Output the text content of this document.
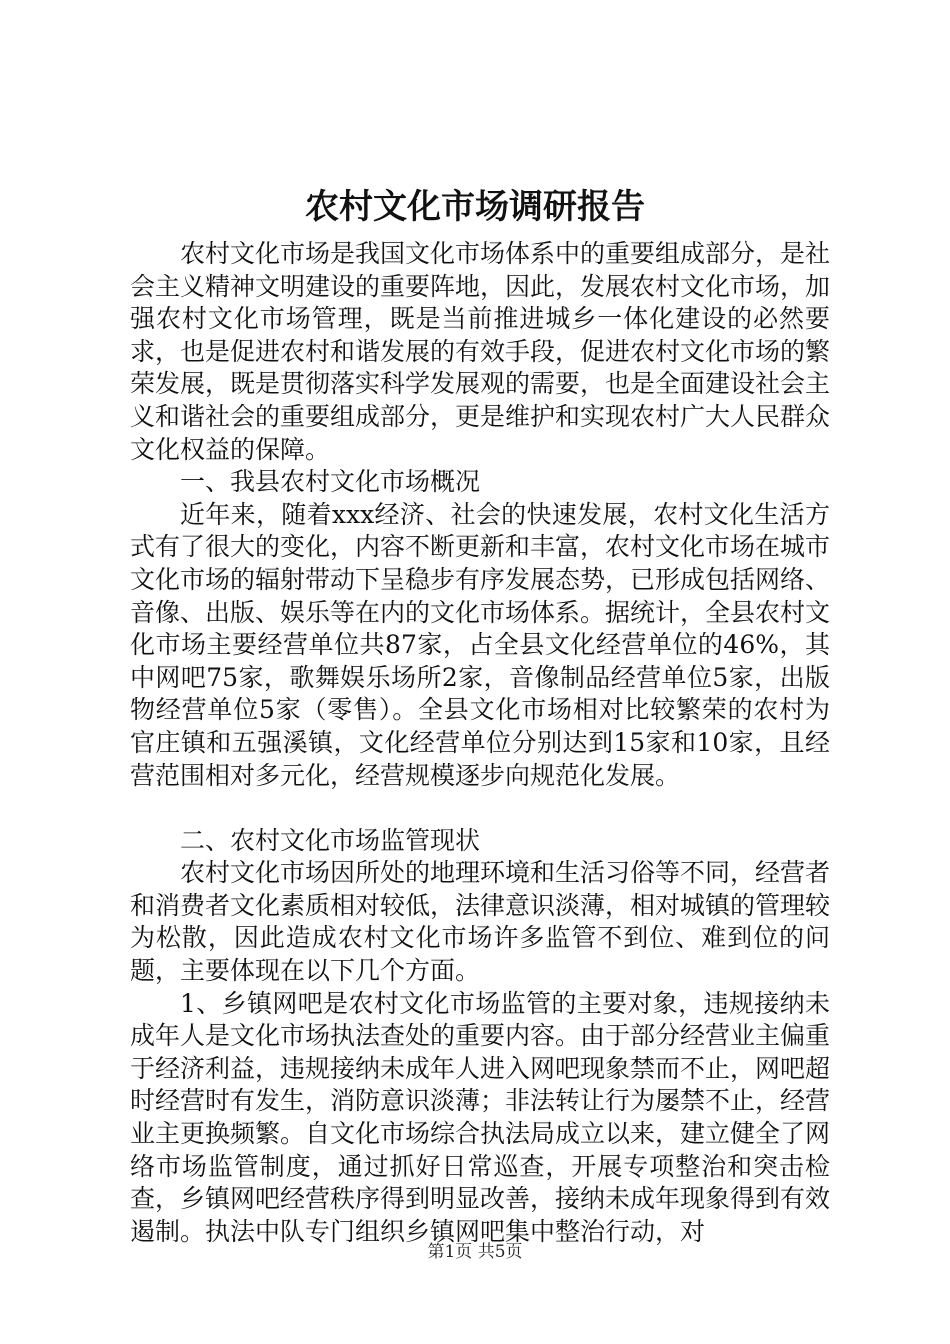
农村文化市场调研报告

农村文化市场是我国文化市场体系中的重要组成部分，是社会主义精神文明建设的重要阵地，因此，发展农村文化市场，加强农村文化市场管理，既是当前推进城乡一体化建设的必然要求，也是促进农村和谐发展的有效手段，促进农村文化市场的繁荣发展，既是贯彻落实科学发展观的需要，也是全面建设社会主义和谐社会的重要组成部分，更是维护和实现农村广大人民群众文化权益的保障。

一、我县农村文化市场概况

近年来，随着xxx经济、社会的快速发展，农村文化生活方式有了很大的变化，内容不断更新和丰富，农村文化市场在城市文化市场的辐射带动下呈稳步有序发展态势，已形成包括网络、音像、出版、娱乐等在内的文化市场体系。据统计，全县农村文化市场主要经营单位共87家，占全县文化经营单位的46%，其中网吧75家，歌舞娱乐场所2家，音像制品经营单位5家，出版物经营单位5家（零售）。全县文化市场相对比较繁荣的农村为官庄镇和五强溪镇，文化经营单位分别达到15家和10家，且经营范围相对多元化，经营规模逐步向规范化发展。

二、农村文化市场监管现状

农村文化市场因所处的地理环境和生活习俗等不同，经营者和消费者文化素质相对较低，法律意识淡薄，相对城镇的管理较为松散，因此造成农村文化市场许多监管不到位、难到位的问题，主要体现在以下几个方面。

1、乡镇网吧是农村文化市场监管的主要对象，违规接纳未成年人是文化市场执法查处的重要内容。由于部分经营业主偏重于经济利益，违规接纳未成年人进入网吧现象禁而不止，网吧超时经营时有发生，消防意识淡薄；非法转让行为屡禁不止，经营业主更换频繁。自文化市场综合执法局成立以来，建立健全了网络市场监管制度，通过抓好日常巡查，开展专项整治和突击检查，乡镇网吧经营秩序得到明显改善，接纳未成年现象得到有效遏制。执法中队专门组织乡镇网吧集中整治行动，对

第1页 共5页
